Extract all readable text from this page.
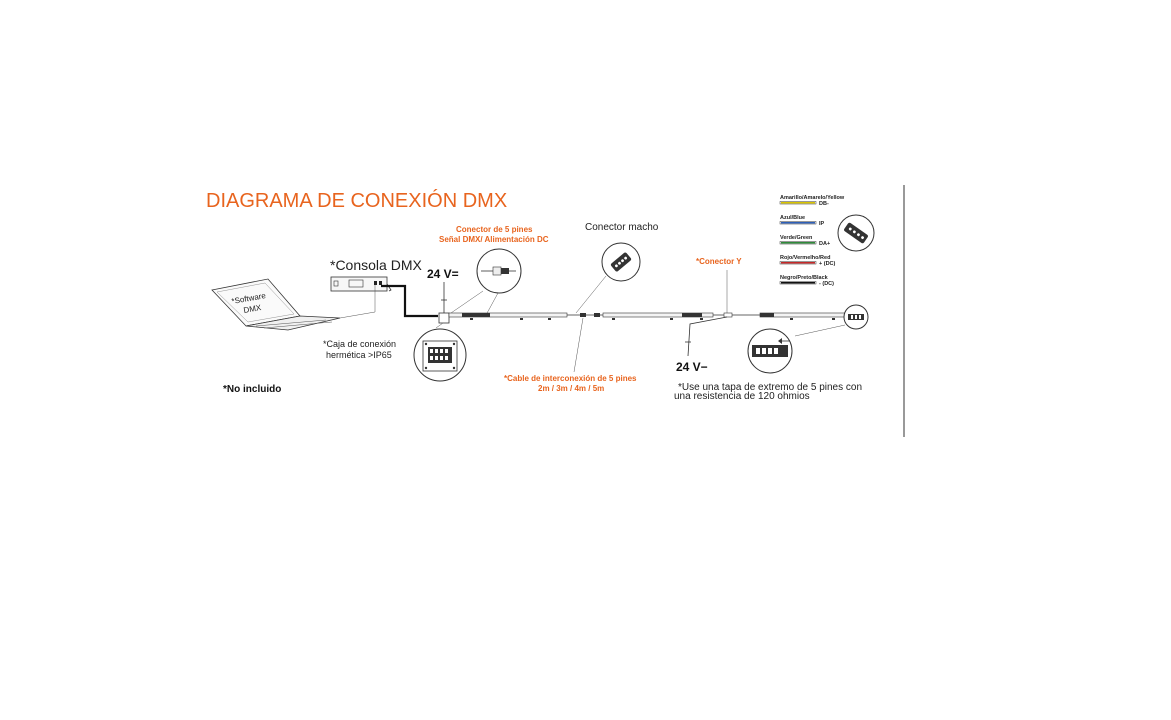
DIAGRAMA DE CONEXIÓN DMX
*Software
DMX
*Consola DMX
24 V=
*Caja de conexión
hermética >IP65
Conector de 5 pines
Señal DMX/ Alimentación DC
Conector macho
*Cable de interconexión de 5 pines
2m / 3m / 4m / 5m
*Conector Y
24 V−
*Use una tapa de extremo de 5 pines con
una resistencia de 120 ohmios
*No incluido
Amarillo/Amarelo/Yellow
DB-
Azul/Blue
IP
Verde/Green
DA+
Rojo/Vermelho/Red
+ (DC)
Negro/Preto/Black
- (DC)
